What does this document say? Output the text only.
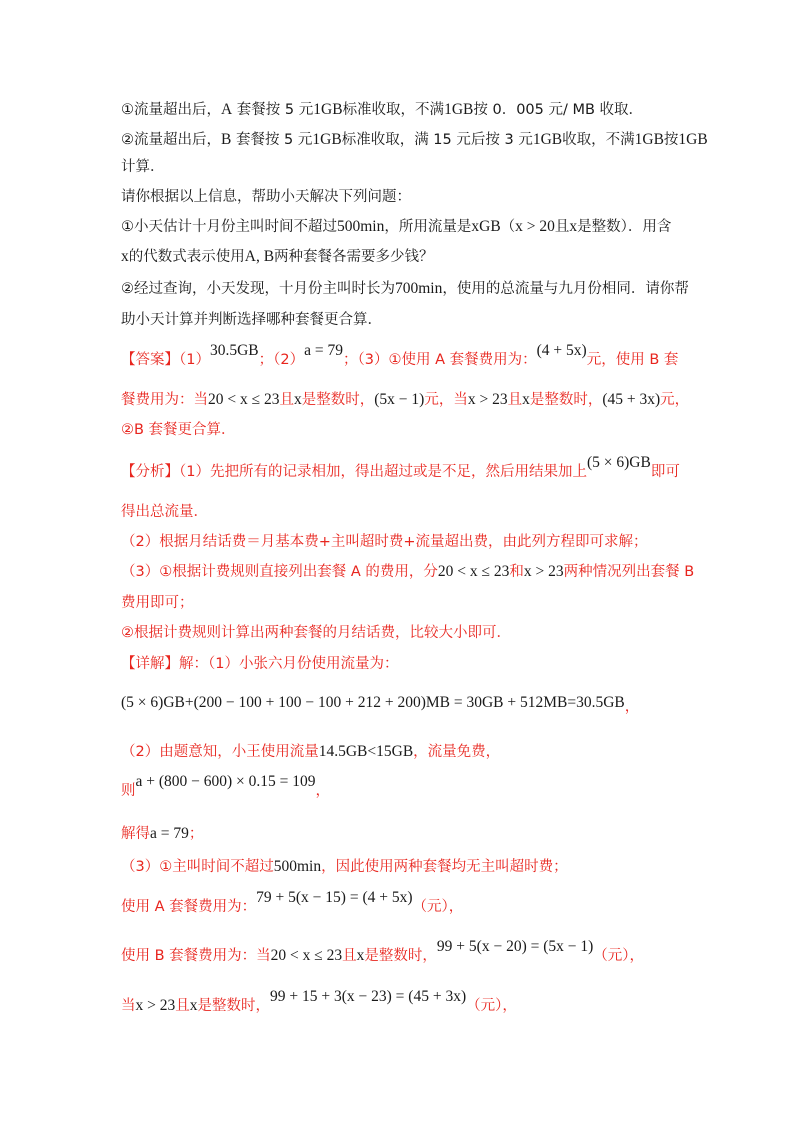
①流量超出后，A 套餐按 5 元1GB标准收取，不满1GB按 0．005 元/ MB 收取．
②流量超出后，B 套餐按 5 元1GB标准收取，满 15 元后按 3 元1GB收取，不满1GB按1GB
计算．
请你根据以上信息，帮助小天解决下列问题：
①小天估计十月份主叫时间不超过500min，所用流量是xGB（x > 20且x是整数）．用含
x的代数式表示使用A, B两种套餐各需要多少钱？
②经过查询，小天发现，十月份主叫时长为700min，使用的总流量与九月份相同．请你帮
助小天计算并判断选择哪种套餐更合算．
【答案】（1）30.5GB；（2）a = 79；（3）①使用 A 套餐费用为：(4 + 5x)元，使用 B 套
餐费用为：当20 < x ≤ 23且x是整数时，(5x − 1)元，当x > 23且x是整数时，(45 + 3x)元，
②B 套餐更合算．
【分析】（1）先把所有的记录相加，得出超过或是不足，然后用结果加上(5 × 6)GB即可
得出总流量．
（2）根据月结话费＝月基本费+主叫超时费+流量超出费，由此列方程即可求解；
（3）①根据计费规则直接列出套餐 A 的费用，分20 < x ≤ 23和x > 23两种情况列出套餐 B
费用即可；
②根据计费规则计算出两种套餐的月结话费，比较大小即可．
【详解】解：（1）小张六月份使用流量为：
(5 × 6)GB+(200 − 100 + 100 − 100 + 212 + 200)MB = 30GB + 512MB=30.5GB，
（2）由题意知，小王使用流量14.5GB<15GB，流量免费，
则a + (800 − 600) × 0.15 = 109，
解得a = 79；
（3）①主叫时间不超过500min，因此使用两种套餐均无主叫超时费；
使用 A 套餐费用为：79 + 5(x − 15) = (4 + 5x)（元），
使用 B 套餐费用为：当20 < x ≤ 23且x是整数时，99 + 5(x − 20) = (5x − 1)（元），
当x > 23且x是整数时，99 + 15 + 3(x − 23) = (45 + 3x)（元），
